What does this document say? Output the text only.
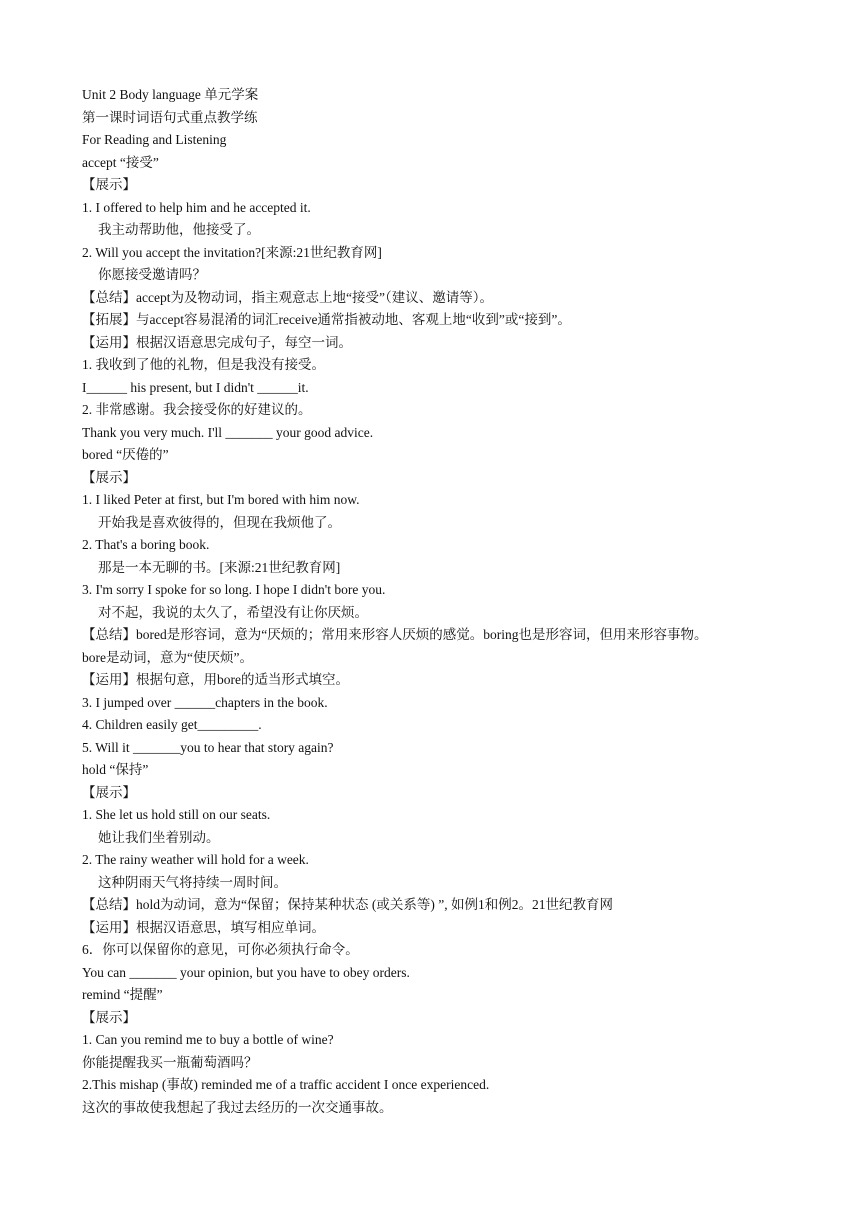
Unit 2 Body language 单元学案
第一课时词语句式重点教学练
For Reading and Listening
accept “接受”
【展示】
1. I offered to help him and he accepted it.
我主动帮助他，他接受了。
2. Will you accept the invitation?[来源:21世纪教育网]
你愿接受邀请吗？
【总结】accept为及物动词，指主观意志上地“接受”（建议、邀请等）。
【拓展】与accept容易混淆的词汇receive通常指被动地、客观上地“收到”或“接到”。
【运用】根据汉语意思完成句子，每空一词。
1. 我收到了他的礼物，但是我没有接受。
I______ his present, but I didn't ______it.
2. 非常感谢。我会接受你的好建议的。
Thank you very much. I'll _______ your good advice.
bored “厌倦的”
【展示】
1. I liked Peter at first, but I'm bored with him now.
开始我是喜欢彼得的，但现在我烦他了。
2. That's a boring book.
那是一本无聊的书。[来源:21世纪教育网]
3. I'm sorry I spoke for so long. I hope I didn't bore you.
对不起，我说的太久了，希望没有让你厌烦。
【总结】bored是形容词，意为“厌烦的；常用来形容人厌烦的感觉。boring也是形容词，但用来形容事物。
bore是动词，意为“使厌烦”。
【运用】根据句意，用bore的适当形式填空。
3. I jumped over ______chapters in the book.
4. Children easily get_________.
5. Will it _______you to hear that story again?
hold “保持”
【展示】
1. She let us hold still on our seats.
她让我们坐着别动。
2. The rainy weather will hold for a week.
这种阴雨天气将持续一周时间。
【总结】hold为动词，意为“保留；保持某种状态 (或关系等) ”, 如例1和例2。21世纪教育网
【运用】根据汉语意思，填写相应单词。
6．你可以保留你的意见，可你必须执行命令。
You can _______ your opinion, but you have to obey orders.
remind “提醒”
【展示】
1. Can you remind me to buy a bottle of wine?
你能提醒我买一瓶葡萄酒吗？
2.This mishap (事故) reminded me of a traffic accident I once experienced.
这次的事故使我想起了我过去经历的一次交通事故。
